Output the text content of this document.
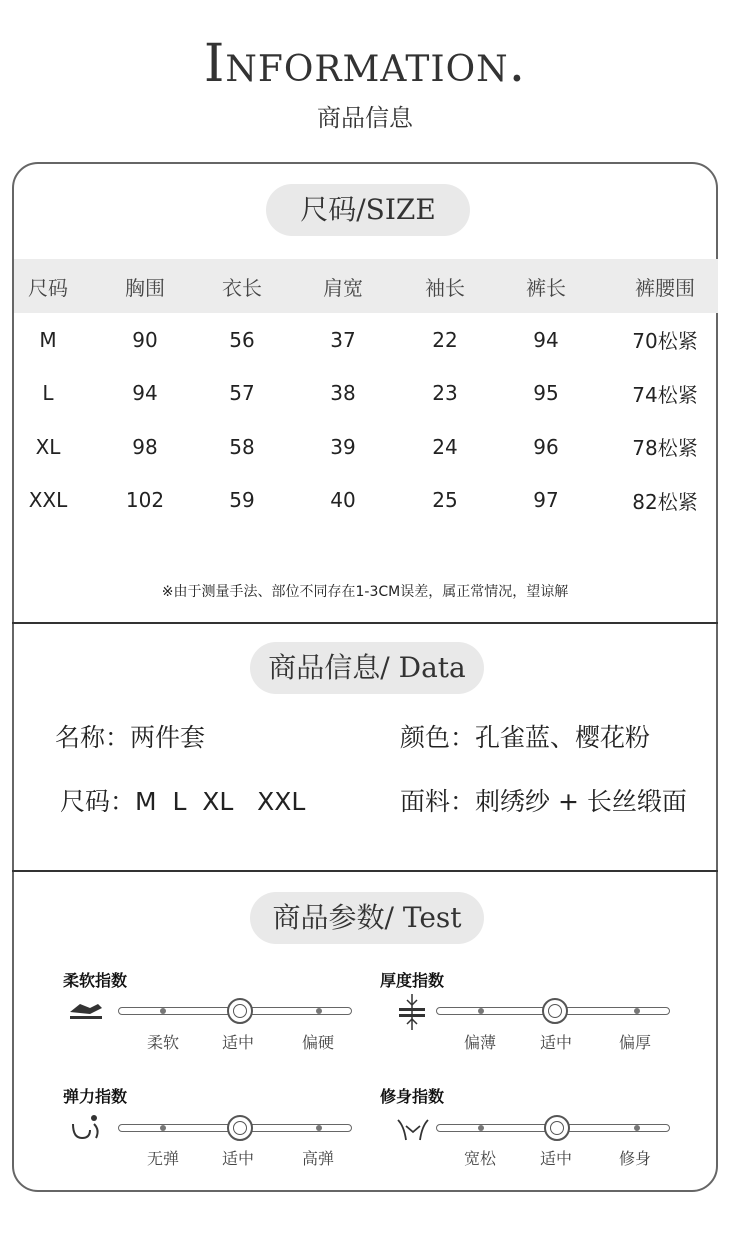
Information.
商品信息
尺码/SIZE
尺码	胸围	衣长	肩宽	袖长	裤长	裤腰围
M	90	56	37	22	94	70松紧
L	94	57	38	23	95	74松紧
XL	98	58	39	24	96	78松紧
XXL	102	59	40	25	97	82松紧
※由于测量手法、部位不同存在1-3CM误差，属正常情况，望谅解
商品信息/ Data
名称：两件套	颜色：孔雀蓝、樱花粉
尺码：M  L  XL   XXL	面料：刺绣纱 + 长丝缎面
商品参数/ Test
柔软指数
柔软	适中	偏硬
厚度指数
偏薄	适中	偏厚
弹力指数
无弹	适中	高弹
修身指数
宽松	适中	修身
